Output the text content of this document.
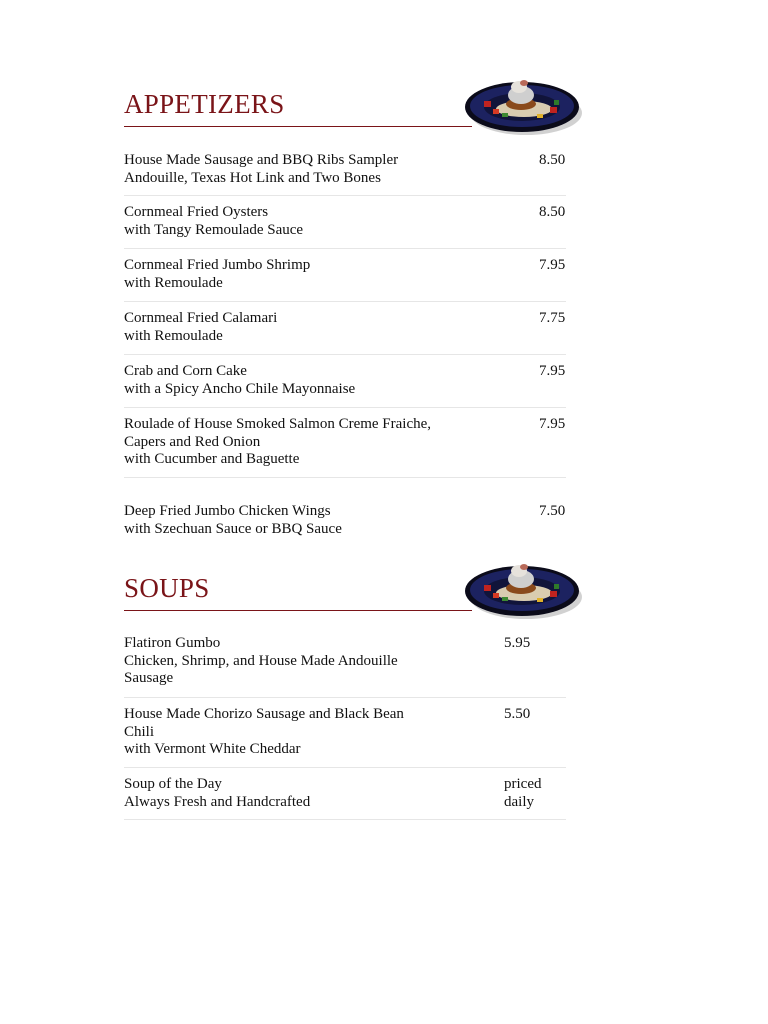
APPETIZERS
House Made Sausage and BBQ Ribs Sampler
Andouille, Texas Hot Link and Two Bones
8.50
Cornmeal Fried Oysters
with Tangy Remoulade Sauce
8.50
Cornmeal Fried Jumbo Shrimp
with Remoulade
7.95
Cornmeal Fried Calamari
with Remoulade
7.75
Crab and Corn Cake
with a Spicy Ancho Chile Mayonnaise
7.95
Roulade of House Smoked Salmon Creme Fraiche,
Capers and Red Onion
with Cucumber and Baguette
7.95
Deep Fried Jumbo Chicken Wings
with Szechuan Sauce or BBQ Sauce
7.50
SOUPS
Flatiron Gumbo
Chicken, Shrimp, and House Made Andouille
Sausage
5.95
House Made Chorizo Sausage and Black Bean
Chili
with Vermont White Cheddar
5.50
Soup of the Day
Always Fresh and Handcrafted
priced
daily
